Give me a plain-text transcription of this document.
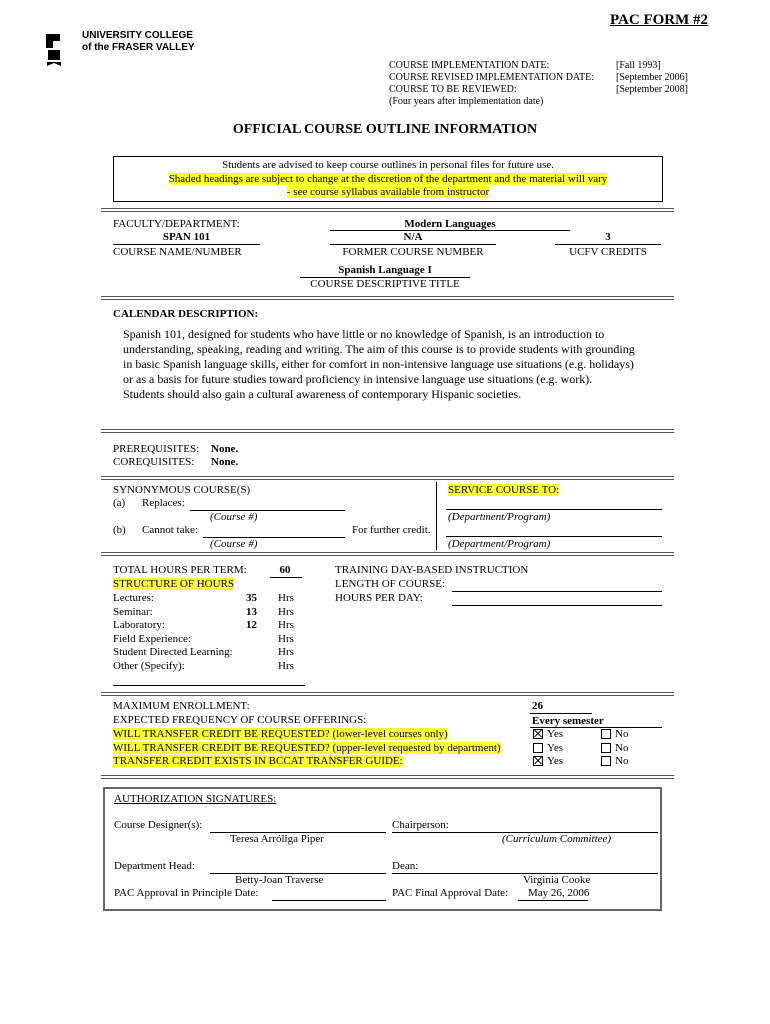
PAC FORM #2
UNIVERSITY COLLEGE
of the FRASER VALLEY
COURSE IMPLEMENTATION DATE:	[Fall 1993]
COURSE REVISED IMPLEMENTATION DATE: [September 2006]
COURSE TO BE REVIEWED:	[September 2008]
(Four years after implementation date)
OFFICIAL COURSE OUTLINE INFORMATION
Students are advised to keep course outlines in personal files for future use.
Shaded headings are subject to change at the discretion of the department and the material will vary
- see course syllabus available from instructor
FACULTY/DEPARTMENT:	Modern Languages
SPAN 101
COURSE NAME/NUMBER
N/A
FORMER COURSE NUMBER
3
UCFV CREDITS
Spanish Language I
COURSE DESCRIPTIVE TITLE
CALENDAR DESCRIPTION:
Spanish 101, designed for students who have little or no knowledge of Spanish, is an introduction to
understanding, speaking, reading and writing. The aim of this course is to provide students with grounding
in basic Spanish language skills, either for comfort in non-intensive language use situations (e.g. holidays)
or as a basis for future studies toward proficiency in intensive language use situations (e.g. work).
Students should also gain a cultural awareness of contemporary Hispanic societies.
PREREQUISITES: None.
COREQUISITES: None.
SYNONYMOUS COURSE(S)
(a) Replaces:
(Course #)
(b) Cannot take:	For further credit.
(Course #)
SERVICE COURSE TO:
(Department/Program)
(Department/Program)
TOTAL HOURS PER TERM:	60
STRUCTURE OF HOURS
Lectures:	35 Hrs
Seminar:	13 Hrs
Laboratory:	12 Hrs
Field Experience:	Hrs
Student Directed Learning:	Hrs
Other (Specify):	Hrs
TRAINING DAY-BASED INSTRUCTION
LENGTH OF COURSE:
HOURS PER DAY:
MAXIMUM ENROLLMENT:	26
EXPECTED FREQUENCY OF COURSE OFFERINGS:	Every semester
WILL TRANSFER CREDIT BE REQUESTED? (lower-level courses only)	Yes	No
WILL TRANSFER CREDIT BE REQUESTED? (upper-level requested by department)	Yes	No
TRANSFER CREDIT EXISTS IN BCCAT TRANSFER GUIDE:	Yes	No
AUTHORIZATION SIGNATURES:
Course Designer(s):
Teresa Arróliga Piper
Chairperson:
(Curriculum Committee)
Department Head:
Betty-Joan Traverse
Dean:
Virginia Cooke
PAC Approval in Principle Date:	PAC Final Approval Date: May 26, 2006
